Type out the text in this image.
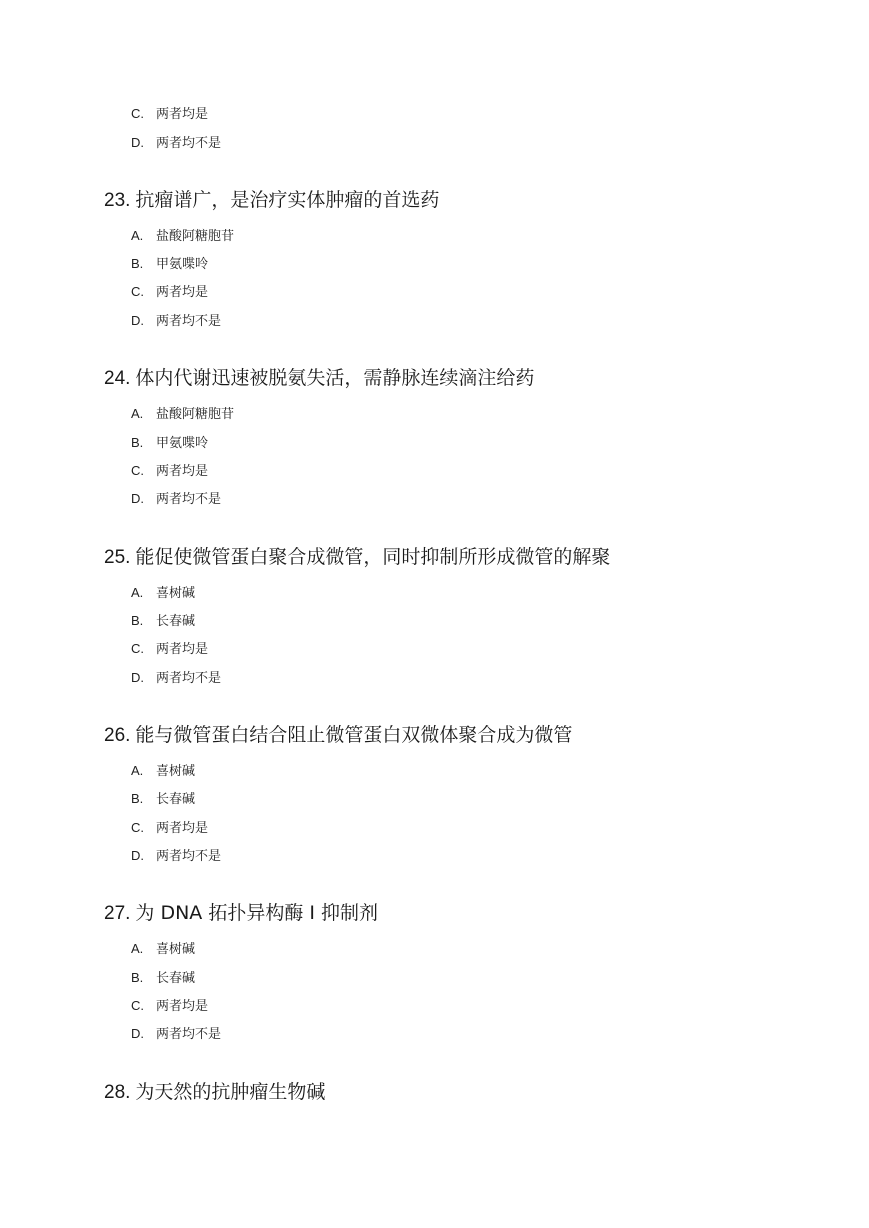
C. 两者均是
D. 两者均不是
23. 抗瘤谱广，是治疗实体肿瘤的首选药
A. 盐酸阿糖胞苷
B. 甲氨喋呤
C. 两者均是
D. 两者均不是
24. 体内代谢迅速被脱氨失活，需静脉连续滴注给药
A. 盐酸阿糖胞苷
B. 甲氨喋呤
C. 两者均是
D. 两者均不是
25. 能促使微管蛋白聚合成微管，同时抑制所形成微管的解聚
A. 喜树碱
B. 长春碱
C. 两者均是
D. 两者均不是
26. 能与微管蛋白结合阻止微管蛋白双微体聚合成为微管
A. 喜树碱
B. 长春碱
C. 两者均是
D. 两者均不是
27. 为 DNA 拓扑异构酶 I 抑制剂
A. 喜树碱
B. 长春碱
C. 两者均是
D. 两者均不是
28. 为天然的抗肿瘤生物碱
